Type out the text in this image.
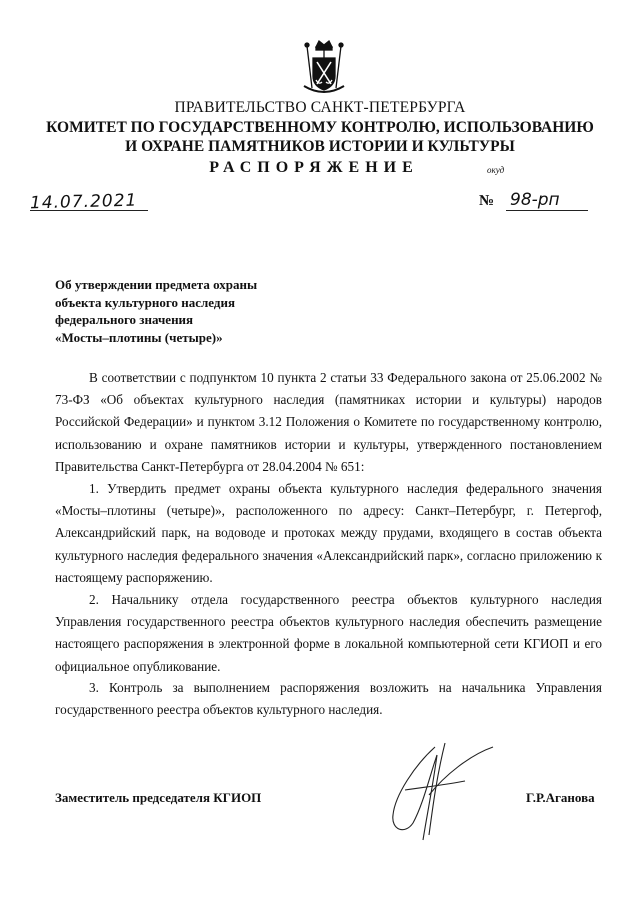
ПРАВИТЕЛЬСТВО САНКТ-ПЕТЕРБУРГА
КОМИТЕТ ПО ГОСУДАРСТВЕННОМУ КОНТРОЛЮ, ИСПОЛЬЗОВАНИЮ
И ОХРАНЕ ПАМЯТНИКОВ ИСТОРИИ И КУЛЬТУРЫ
РАСПОРЯЖЕНИЕ	окуд
14.07.2021	№ 98-рп
Об утверждении предмета охраны
объекта культурного наследия
федерального значения
«Мосты–плотины (четыре)»
В соответствии с подпунктом 10 пункта 2 статьи 33 Федерального закона от 25.06.2002 № 73-ФЗ «Об объектах культурного наследия (памятниках истории и культуры) народов Российской Федерации» и пунктом 3.12 Положения о Комитете по государственному контролю, использованию и охране памятников истории и культуры, утвержденного постановлением Правительства Санкт-Петербурга от 28.04.2004 № 651:
1. Утвердить предмет охраны объекта культурного наследия федерального значения «Мосты–плотины (четыре)», расположенного по адресу: Санкт–Петербург, г. Петергоф, Александрийский парк, на водоводе и протоках между прудами, входящего в состав объекта культурного наследия федерального значения «Александрийский парк», согласно приложению к настоящему распоряжению.
2. Начальнику отдела государственного реестра объектов культурного наследия Управления государственного реестра объектов культурного наследия обеспечить размещение настоящего распоряжения в электронной форме в локальной компьютерной сети КГИОП и его официальное опубликование.
3. Контроль за выполнением распоряжения возложить на начальника Управления государственного реестра объектов культурного наследия.
Заместитель председателя КГИОП	Г.Р.Аганова
